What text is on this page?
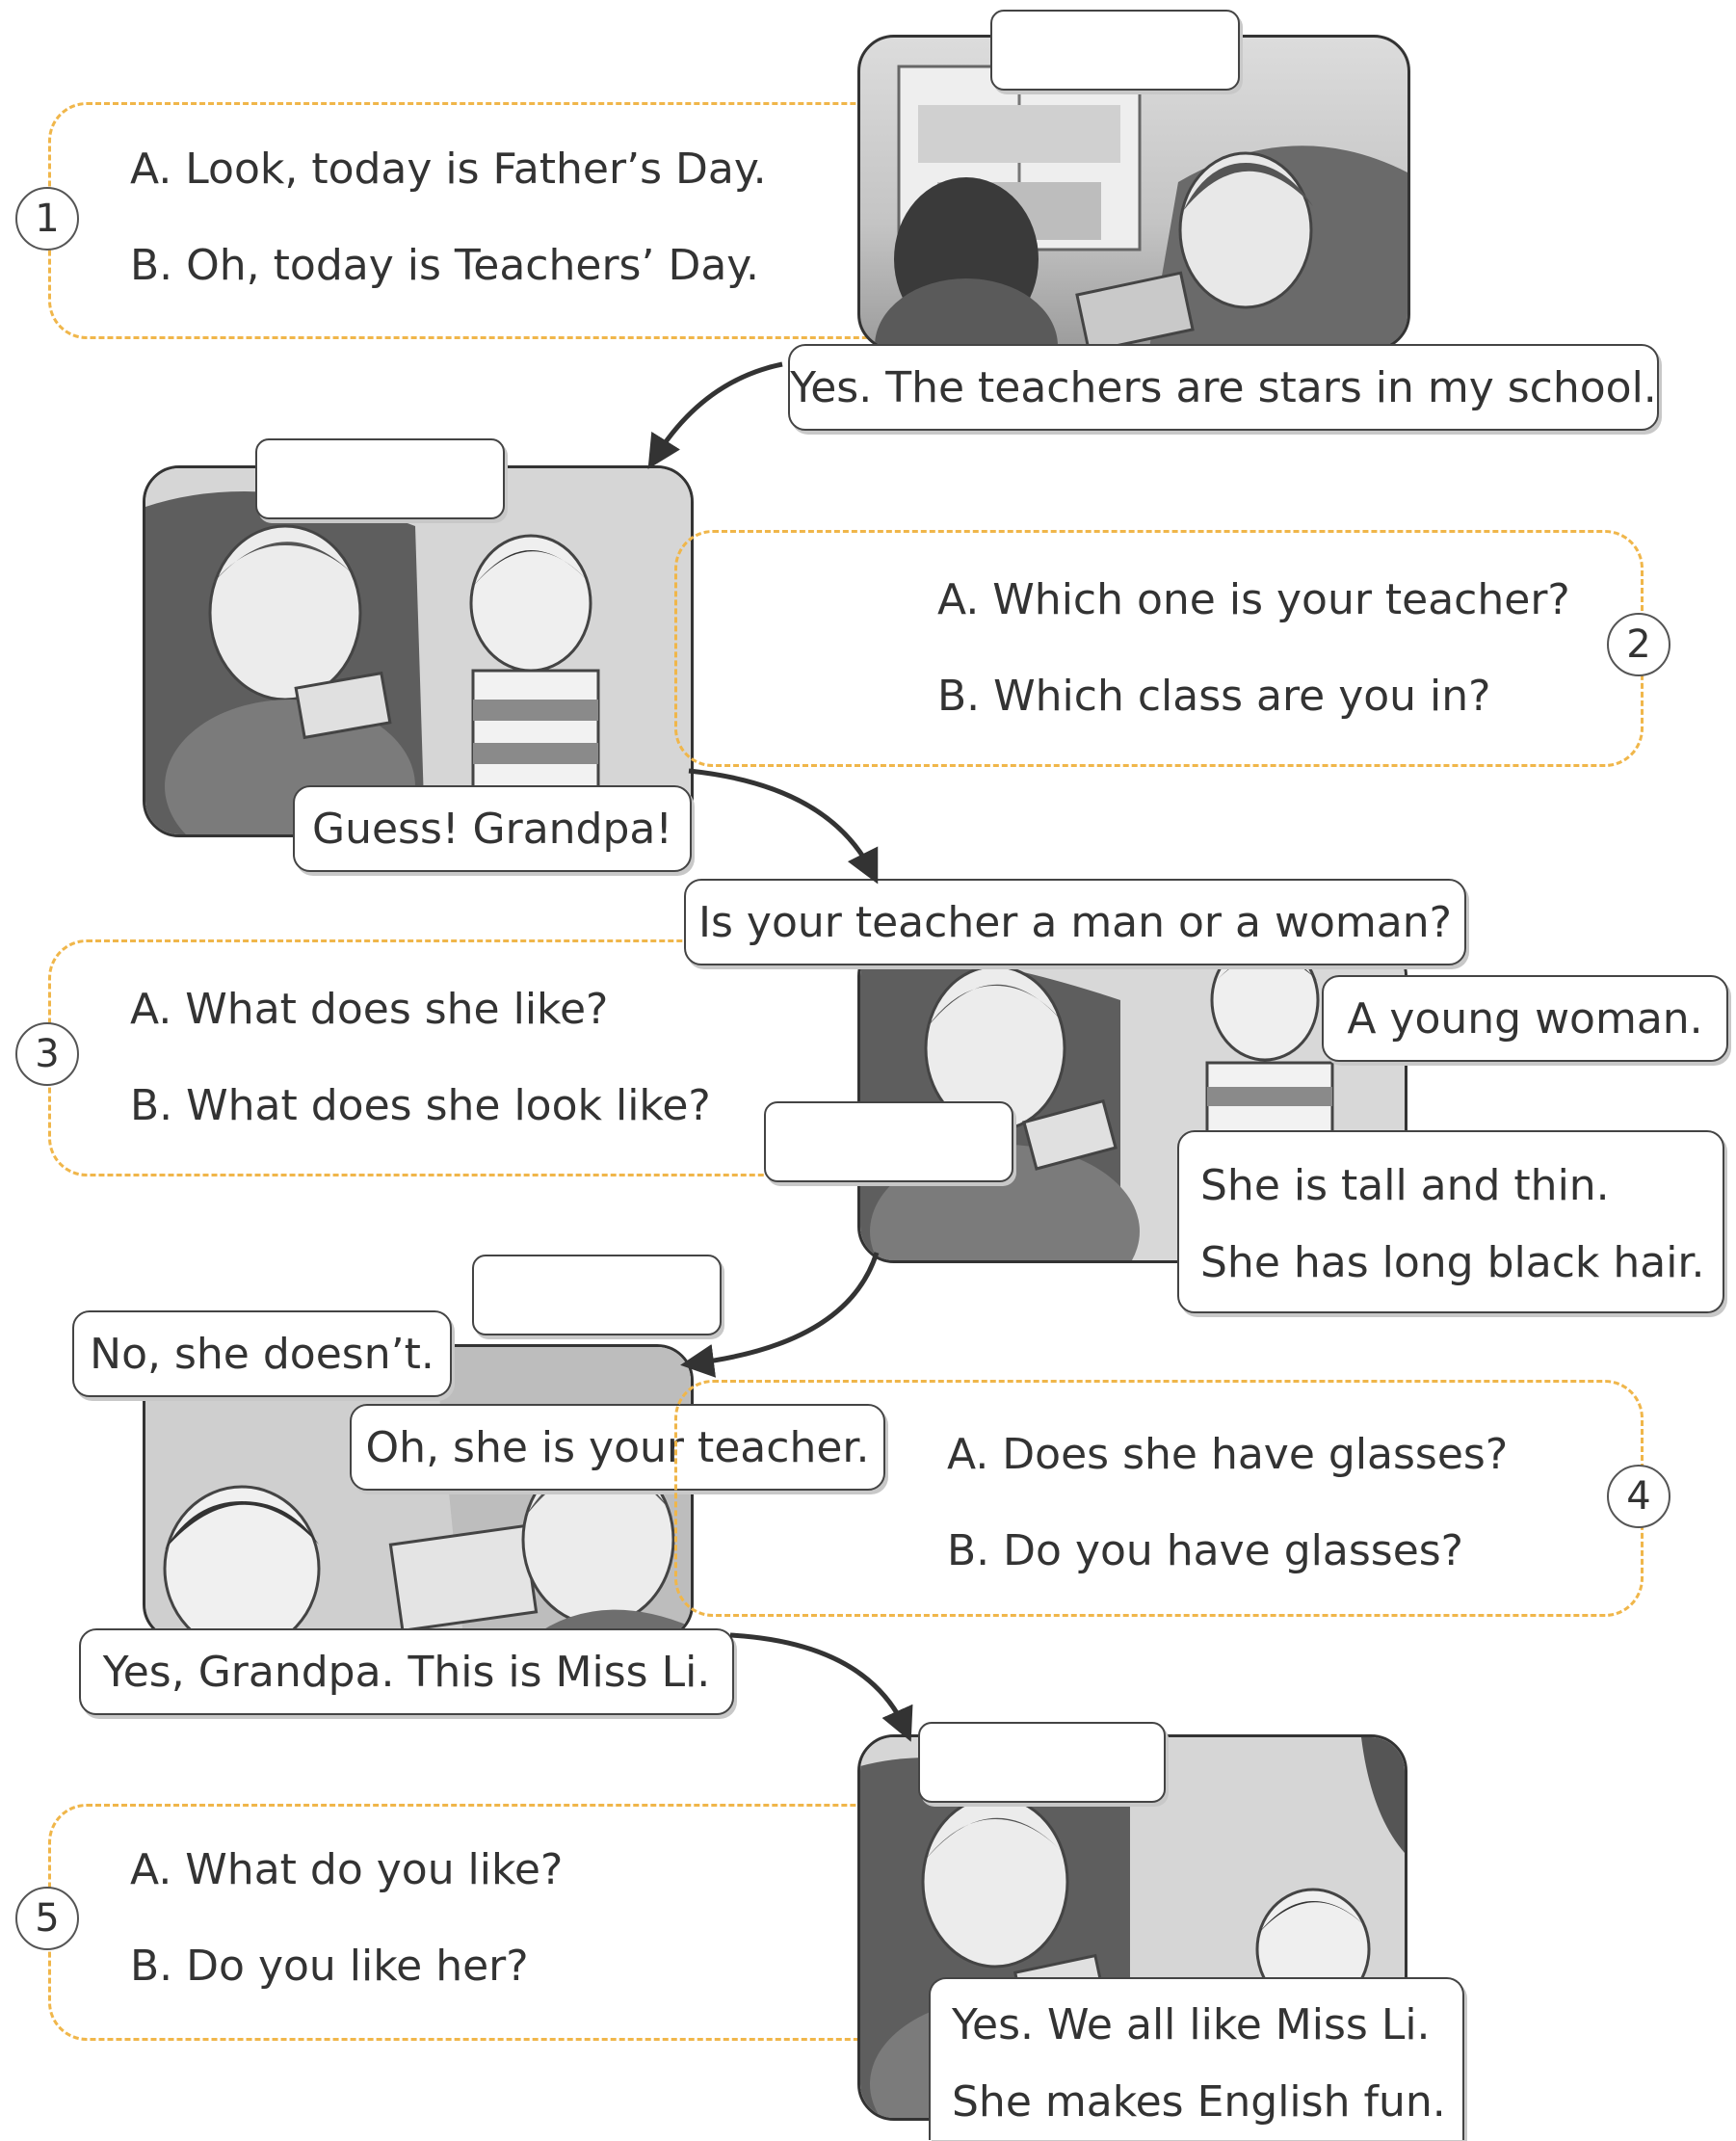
1
A. Look, today is Father’s Day.
B. Oh, today is Teachers’ Day.
Yes. The teachers are stars in my school.
Guess! Grandpa!
2
A. Which one is your teacher?
B. Which class are you in?
3
A. What does she like?
B. What does she look like?
Is your teacher a man or a woman?
A young woman.
She is tall and thin.
She has long black hair.
No, she doesn’t.
Oh, she is your teacher.
Yes, Grandpa. This is Miss Li.
4
A. Does she have glasses?
B. Do you have glasses?
5
A. What do you like?
B. Do you like her?
Yes. We all like Miss Li.
She makes English fun.
